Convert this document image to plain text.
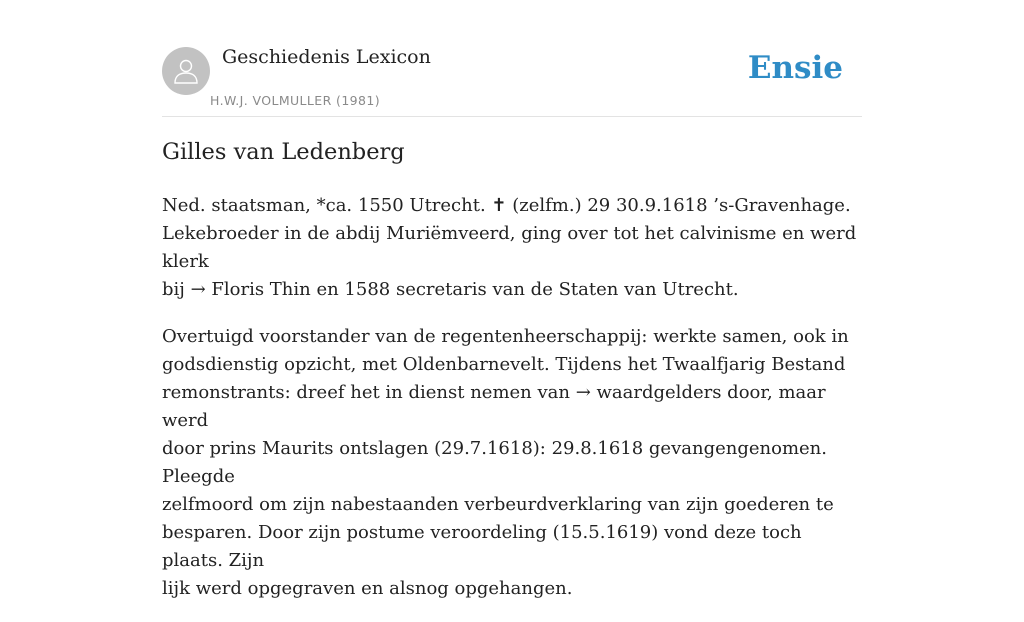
Geschiedenis Lexicon
H.W.J. VOLMULLER (1981)
Ensie
Gilles van Ledenberg

Ned. staatsman, *ca. 1550 Utrecht. ✝ (zelfm.) 29 30.9.1618 ’s-Gravenhage.
Lekebroeder in de abdij Muriëmveerd, ging over tot het calvinisme en werd klerk
bij → Floris Thin en 1588 secretaris van de Staten van Utrecht.

Overtuigd voorstander van de regentenheerschappij: werkte samen, ook in
godsdienstig opzicht, met Oldenbarnevelt. Tijdens het Twaalfjarig Bestand
remonstrants: dreef het in dienst nemen van → waardgelders door, maar werd
door prins Maurits ontslagen (29.7.1618): 29.8.1618 gevangengenomen. Pleegde
zelfmoord om zijn nabestaanden verbeurdverklaring van zijn goederen te
besparen. Door zijn postume veroordeling (15.5.1619) vond deze toch plaats. Zijn
lijk werd opgegraven en alsnog opgehangen.
